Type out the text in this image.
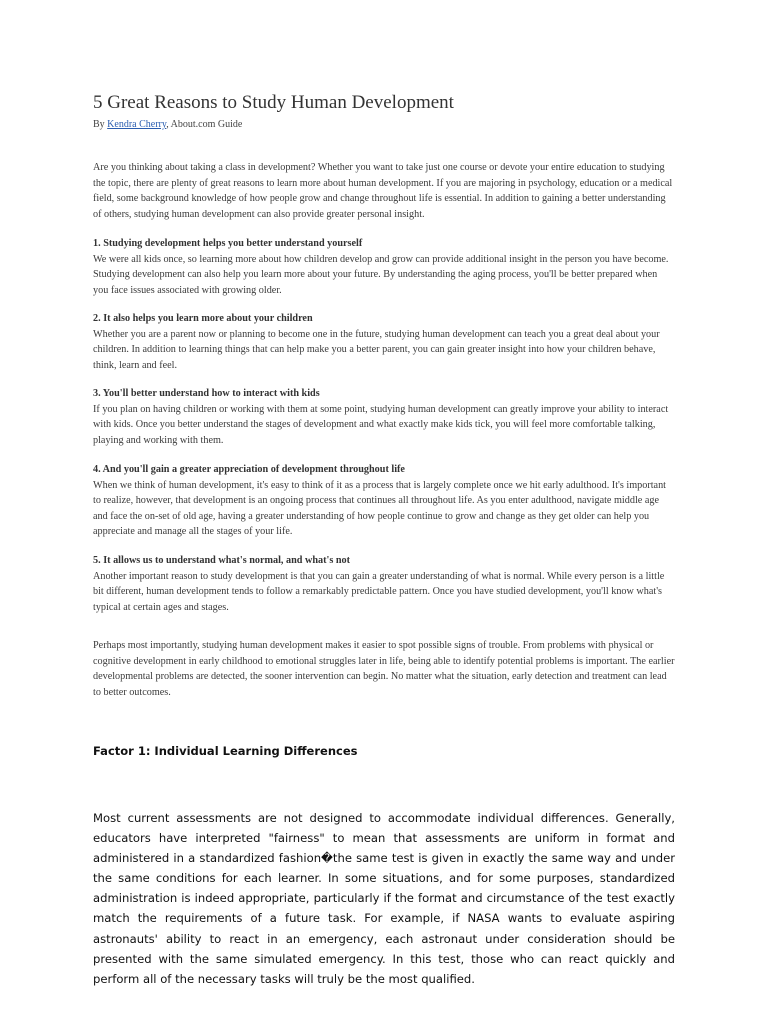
5 Great Reasons to Study Human Development
By Kendra Cherry, About.com Guide

Are you thinking about taking a class in development? Whether you want to take just one course or devote your entire education to studying the topic, there are plenty of great reasons to learn more about human development. If you are majoring in psychology, education or a medical field, some background knowledge of how people grow and change throughout life is essential. In addition to gaining a better understanding of others, studying human development can also provide greater personal insight.

1. Studying development helps you better understand yourself
We were all kids once, so learning more about how children develop and grow can provide additional insight in the person you have become. Studying development can also help you learn more about your future. By understanding the aging process, you'll be better prepared when you face issues associated with growing older.

2. It also helps you learn more about your children
Whether you are a parent now or planning to become one in the future, studying human development can teach you a great deal about your children. In addition to learning things that can help make you a better parent, you can gain greater insight into how your children behave, think, learn and feel.

3. You'll better understand how to interact with kids
If you plan on having children or working with them at some point, studying human development can greatly improve your ability to interact with kids. Once you better understand the stages of development and what exactly make kids tick, you will feel more comfortable talking, playing and working with them.

4. And you'll gain a greater appreciation of development throughout life
When we think of human development, it's easy to think of it as a process that is largely complete once we hit early adulthood. It's important to realize, however, that development is an ongoing process that continues all throughout life. As you enter adulthood, navigate middle age and face the on-set of old age, having a greater understanding of how people continue to grow and change as they get older can help you appreciate and manage all the stages of your life.

5. It allows us to understand what's normal, and what's not
Another important reason to study development is that you can gain a greater understanding of what is normal. While every person is a little bit different, human development tends to follow a remarkably predictable pattern. Once you have studied development, you'll know what's typical at certain ages and stages.

Perhaps most importantly, studying human development makes it easier to spot possible signs of trouble. From problems with physical or cognitive development in early childhood to emotional struggles later in life, being able to identify potential problems is important. The earlier developmental problems are detected, the sooner intervention can begin. No matter what the situation, early detection and treatment can lead to better outcomes.

Factor 1: Individual Learning Differences

Most current assessments are not designed to accommodate individual differences. Generally, educators have interpreted "fairness" to mean that assessments are uniform in format and administered in a standardized fashion�the same test is given in exactly the same way and under the same conditions for each learner. In some situations, and for some purposes, standardized administration is indeed appropriate, particularly if the format and circumstance of the test exactly match the requirements of a future task. For example, if NASA wants to evaluate aspiring astronauts' ability to react in an emergency, each astronaut under consideration should be presented with the same simulated emergency. In this test, those who can react quickly and perform all of the necessary tasks will truly be the most qualified.
